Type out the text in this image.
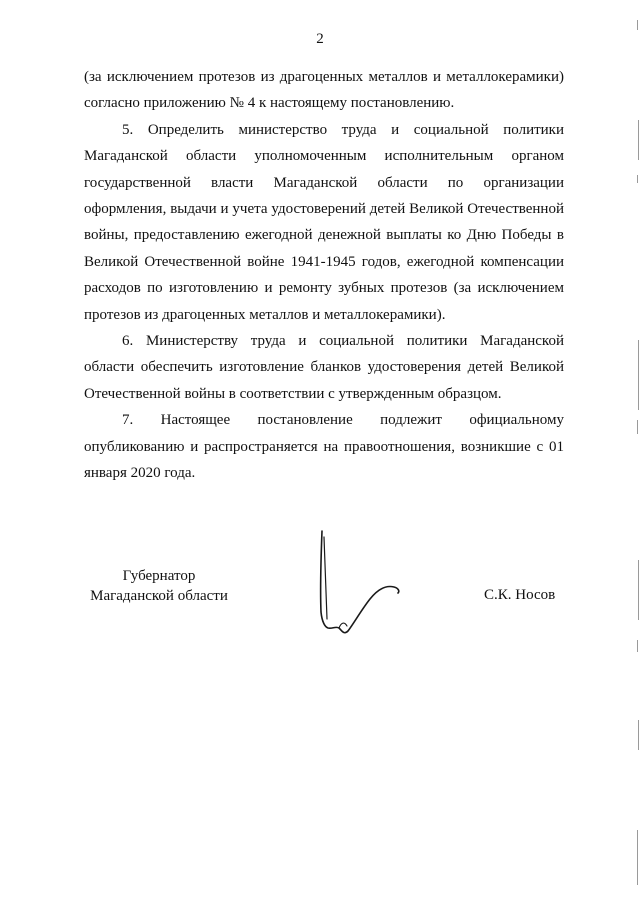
2

(за исключением протезов из драгоценных металлов и металлокерамики) согласно приложению № 4 к настоящему постановлению.

5. Определить министерство труда и социальной политики Магаданской области уполномоченным исполнительным органом государственной власти Магаданской области по организации оформления, выдачи и учета удостоверений детей Великой Отечественной войны, предоставлению ежегодной денежной выплаты ко Дню Победы в Великой Отечественной войне 1941-1945 годов, ежегодной компенсации расходов по изготовлению и ремонту зубных протезов (за исключением протезов из драгоценных металлов и металлокерамики).

6. Министерству труда и социальной политики Магаданской области обеспечить изготовление бланков удостоверения детей Великой Отечественной войны в соответствии с утвержденным образцом.

7. Настоящее постановление подлежит официальному опубликованию и распространяется на правоотношения, возникшие с 01 января 2020 года.

Губернатор
Магаданской области	С.К. Носов
